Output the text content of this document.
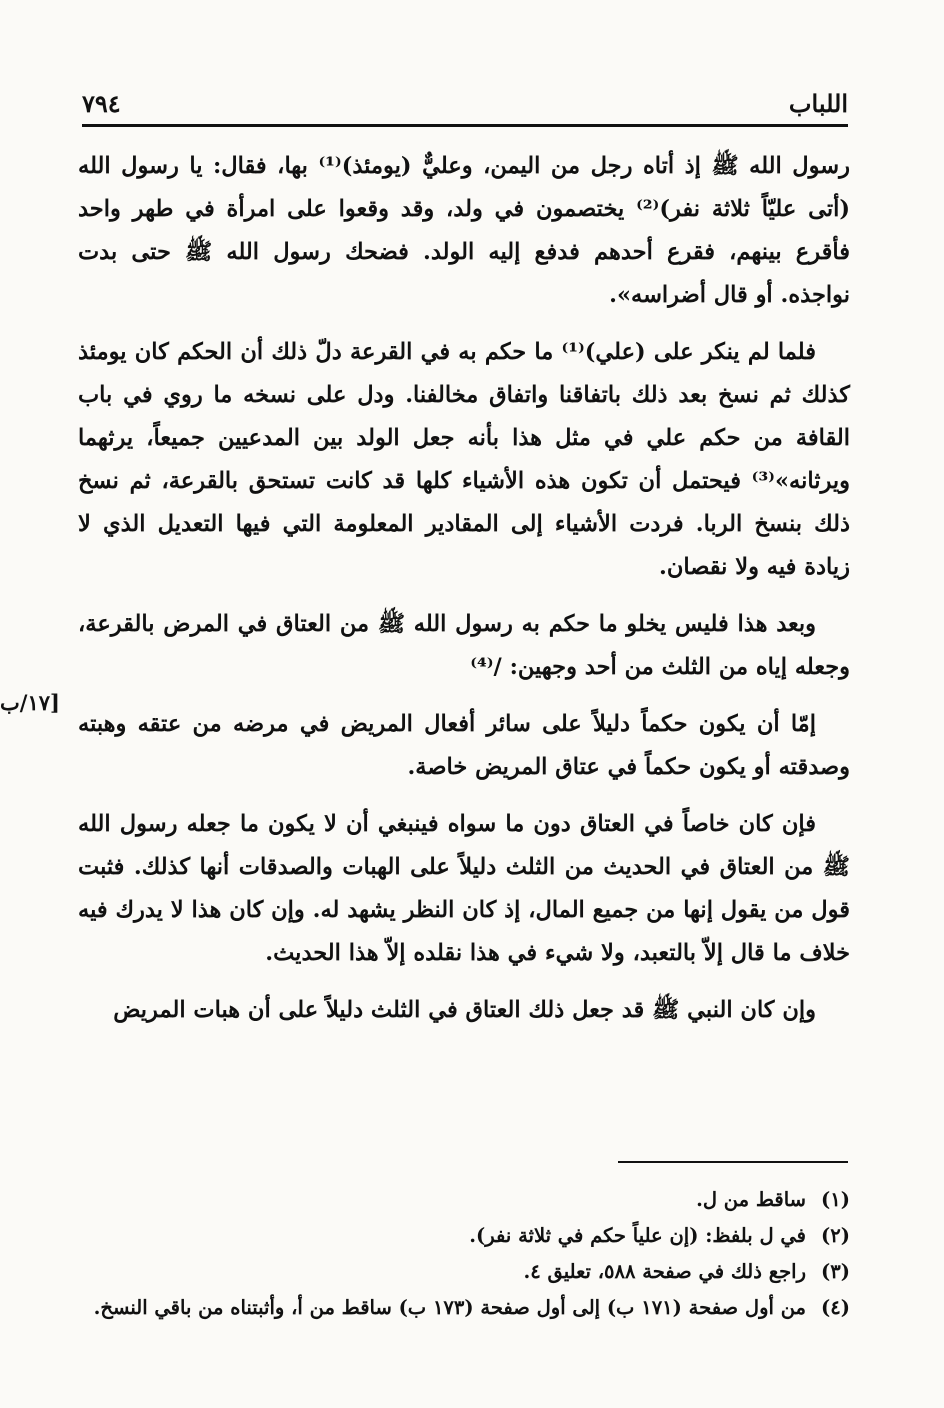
اللباب
٧٩٤

رسول الله ﷺ إذ أتاه رجل من اليمن، وعليٌّ (يومئذ)⁽¹⁾ بها، فقال: يا رسول الله (أتى عليّاً ثلاثة نفر)⁽²⁾ يختصمون في ولد، وقد وقعوا على امرأة في طهر واحد فأقرع بينهم، فقرع أحدهم فدفع إليه الولد. فضحك رسول الله ﷺ حتى بدت نواجذه. أو قال أضراسه».

فلما لم ينكر على (علي)⁽¹⁾ ما حكم به في القرعة دلّ ذلك أن الحكم كان يومئذ كذلك ثم نسخ بعد ذلك باتفاقنا واتفاق مخالفنا. ودل على نسخه ما روي في باب القافة من حكم علي في مثل هذا بأنه جعل الولد بين المدعيين جميعاً، يرثهما ويرثانه»⁽³⁾ فيحتمل أن تكون هذه الأشياء كلها قد كانت تستحق بالقرعة، ثم نسخ ذلك بنسخ الربا. فردت الأشياء إلى المقادير المعلومة التي فيها التعديل الذي لا زيادة فيه ولا نقصان.

وبعد هذا فليس يخلو ما حكم به رسول الله ﷺ من العتاق في المرض بالقرعة، وجعله إياه من الثلث من أحد وجهين: /⁽⁴⁾

إمّا أن يكون حكماً دليلاً على سائر أفعال المريض في مرضه من عتقه وهبته وصدقته أو يكون حكماً في عتاق المريض خاصة.

فإن كان خاصاً في العتاق دون ما سواه فينبغي أن لا يكون ما جعله رسول الله ﷺ من العتاق في الحديث من الثلث دليلاً على الهبات والصدقات أنها كذلك. فثبت قول من يقول إنها من جميع المال، إذ كان النظر يشهد له. وإن كان هذا لا يدرك فيه خلاف ما قال إلاّ بالتعبد، ولا شيء في هذا نقلده إلاّ هذا الحديث.

وإن كان النبي ﷺ قد جعل ذلك العتاق في الثلث دليلاً على أن هبات المريض

١٧/ب]
(١)
ساقط من ل.
(٢)
في ل بلفظ: (إن علياً حكم في ثلاثة نفر).
(٣)
راجع ذلك في صفحة ٥٨٨، تعليق ٤.
(٤)
من أول صفحة (١٧١ ب) إلى أول صفحة (١٧٣ ب) ساقط من أ، وأثبتناه من باقي النسخ.
